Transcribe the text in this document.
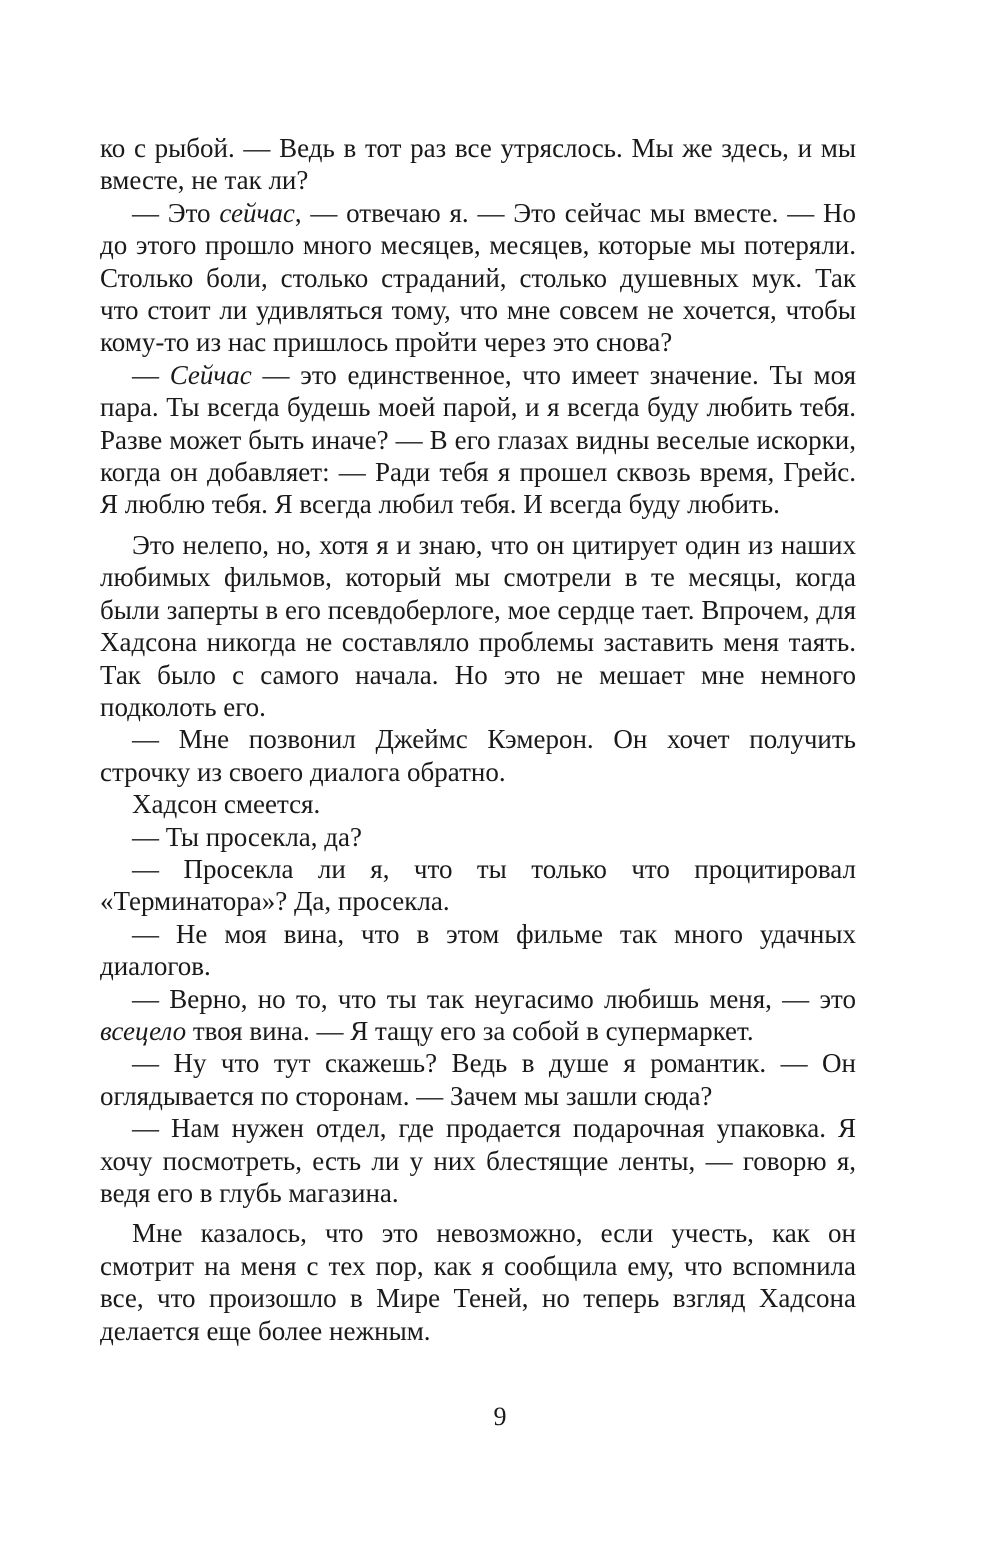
ко с рыбой. — Ведь в тот раз все утряслось. Мы же здесь, и мы вместе, не так ли?

— Это сейчас, — отвечаю я. — Это сейчас мы вместе. — Но до этого прошло много месяцев, месяцев, которые мы потеряли. Столько боли, столько страданий, столько душевных мук. Так что стоит ли удивляться тому, что мне совсем не хочется, чтобы кому-то из нас пришлось пройти через это снова?

— Сейчас — это единственное, что имеет значение. Ты моя пара. Ты всегда будешь моей парой, и я всегда буду любить тебя. Разве может быть иначе? — В его глазах видны веселые искорки, когда он добавляет: — Ради тебя я прошел сквозь время, Грейс. Я люблю тебя. Я всегда любил тебя. И всегда буду любить.

Это нелепо, но, хотя я и знаю, что он цитирует один из наших любимых фильмов, который мы смотрели в те месяцы, когда были заперты в его псевдоберлоге, мое сердце тает. Впрочем, для Хадсона никогда не составляло проблемы заставить меня таять. Так было с самого начала. Но это не мешает мне немного подколоть его.

— Мне позвонил Джеймс Кэмерон. Он хочет получить строчку из своего диалога обратно.

Хадсон смеется.

— Ты просекла, да?

— Просекла ли я, что ты только что процитировал «Терминатора»? Да, просекла.

— Не моя вина, что в этом фильме так много удачных диалогов.

— Верно, но то, что ты так неугасимо любишь меня, — это всецело твоя вина. — Я тащу его за собой в супермаркет.

— Ну что тут скажешь? Ведь в душе я романтик. — Он оглядывается по сторонам. — Зачем мы зашли сюда?

— Нам нужен отдел, где продается подарочная упаковка. Я хочу посмотреть, есть ли у них блестящие ленты, — говорю я, ведя его в глубь магазина.

Мне казалось, что это невозможно, если учесть, как он смотрит на меня с тех пор, как я сообщила ему, что вспомнила все, что произошло в Мире Теней, но теперь взгляд Хадсона делается еще более нежным.

9
